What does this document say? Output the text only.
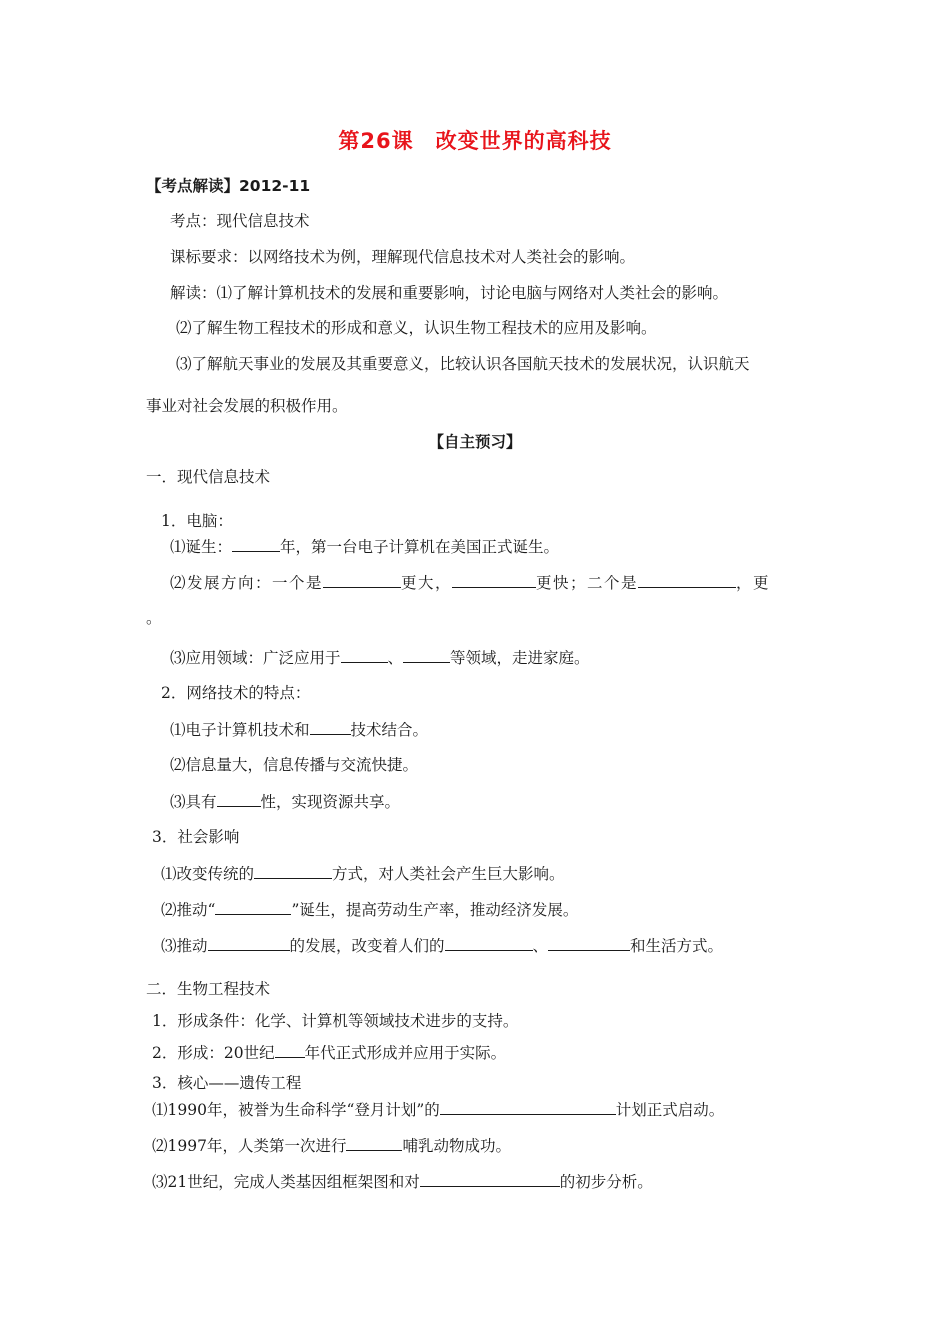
第26课　改变世界的高科技
【考点解读】2012-11
考点：现代信息技术
课标要求：以网络技术为例，理解现代信息技术对人类社会的影响。
解读：⑴了解计算机技术的发展和重要影响，讨论电脑与网络对人类社会的影响。
⑵了解生物工程技术的形成和意义，认识生物工程技术的应用及影响。
⑶了解航天事业的发展及其重要意义，比较认识各国航天技术的发展状况，认识航天
事业对社会发展的积极作用。
【自主预习】
一．现代信息技术
1．电脑：
⑴诞生：	年，第一台电子计算机在美国正式诞生。
⑵发展方向：一个是	更大，	更快；二个是	，更
。
⑶应用领域：广泛应用于	、	等领域，走进家庭。
2．网络技术的特点：
⑴电子计算机技术和	技术结合。
⑵信息量大，信息传播与交流快捷。
⑶具有	性，实现资源共享。
3．社会影响
⑴改变传统的	方式，对人类社会产生巨大影响。
⑵推动“	”诞生，提高劳动生产率，推动经济发展。
⑶推动	的发展，改变着人们的	、	和生活方式。
二．生物工程技术
1．形成条件：化学、计算机等领域技术进步的支持。
2．形成：20世纪 年代正式形成并应用于实际。
3．核心——遗传工程
⑴1990年，被誉为生命科学“登月计划”的	计划正式启动。
⑵1997年，人类第一次进行	哺乳动物成功。
⑶21世纪，完成人类基因组框架图和对	的初步分析。
